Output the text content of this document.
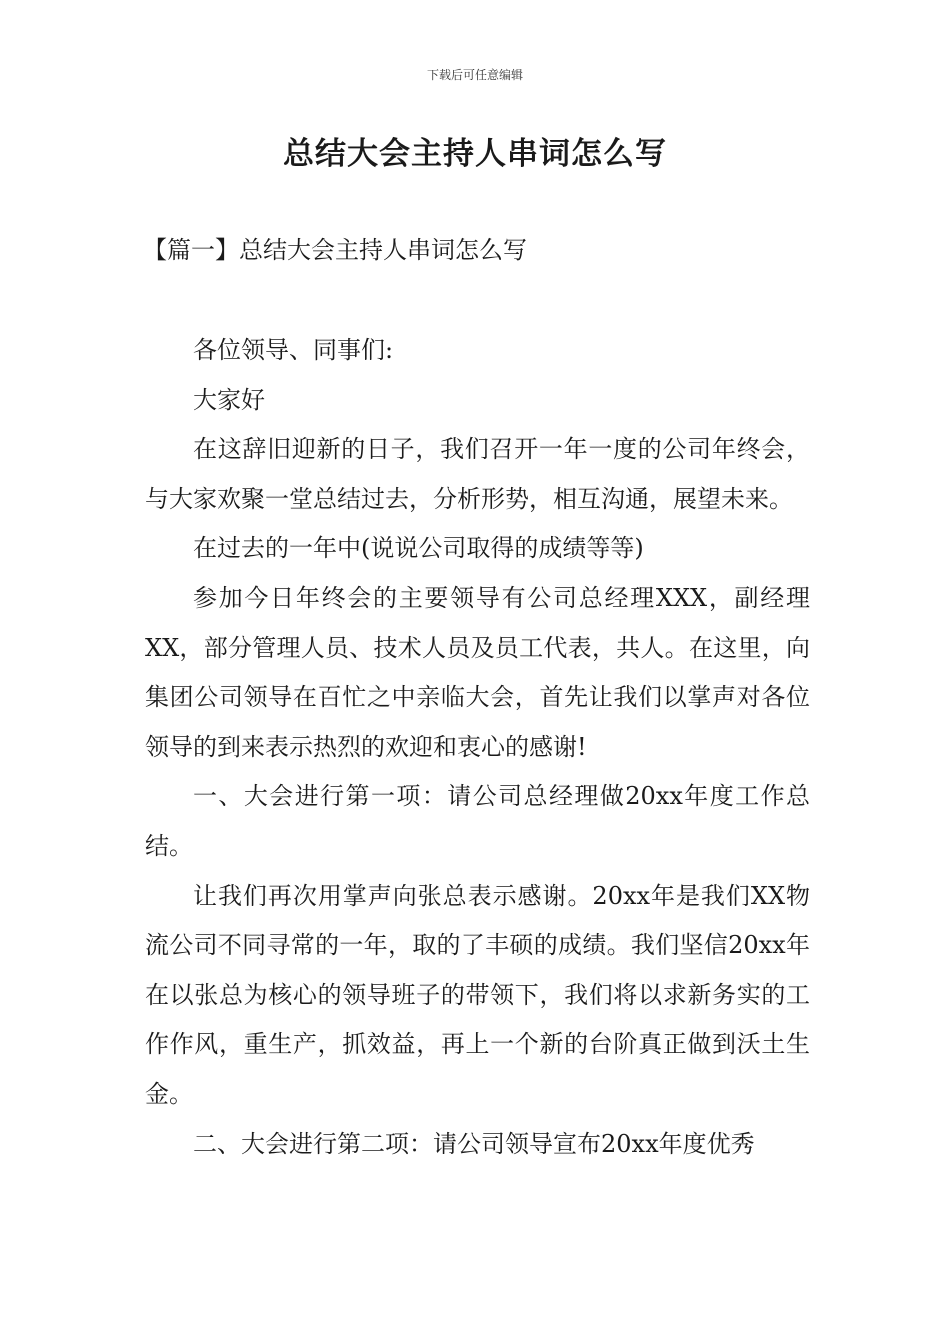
下载后可任意编辑
总结大会主持人串词怎么写
【篇一】总结大会主持人串词怎么写

各位领导、同事们:

大家好

在这辞旧迎新的日子，我们召开一年一度的公司年终会，与大家欢聚一堂总结过去，分析形势，相互沟通，展望未来。

在过去的一年中(说说公司取得的成绩等等)

参加今日年终会的主要领导有公司总经理XXX，副经理XX，部分管理人员、技术人员及员工代表，共人。在这里，向集团公司领导在百忙之中亲临大会，首先让我们以掌声对各位领导的到来表示热烈的欢迎和衷心的感谢!

一、大会进行第一项：请公司总经理做20xx年度工作总结。

让我们再次用掌声向张总表示感谢。20xx年是我们XX物流公司不同寻常的一年，取的了丰硕的成绩。我们坚信20xx年在以张总为核心的领导班子的带领下，我们将以求新务实的工作作风，重生产，抓效益，再上一个新的台阶真正做到沃土生金。

二、大会进行第二项：请公司领导宣布20xx年度优秀
